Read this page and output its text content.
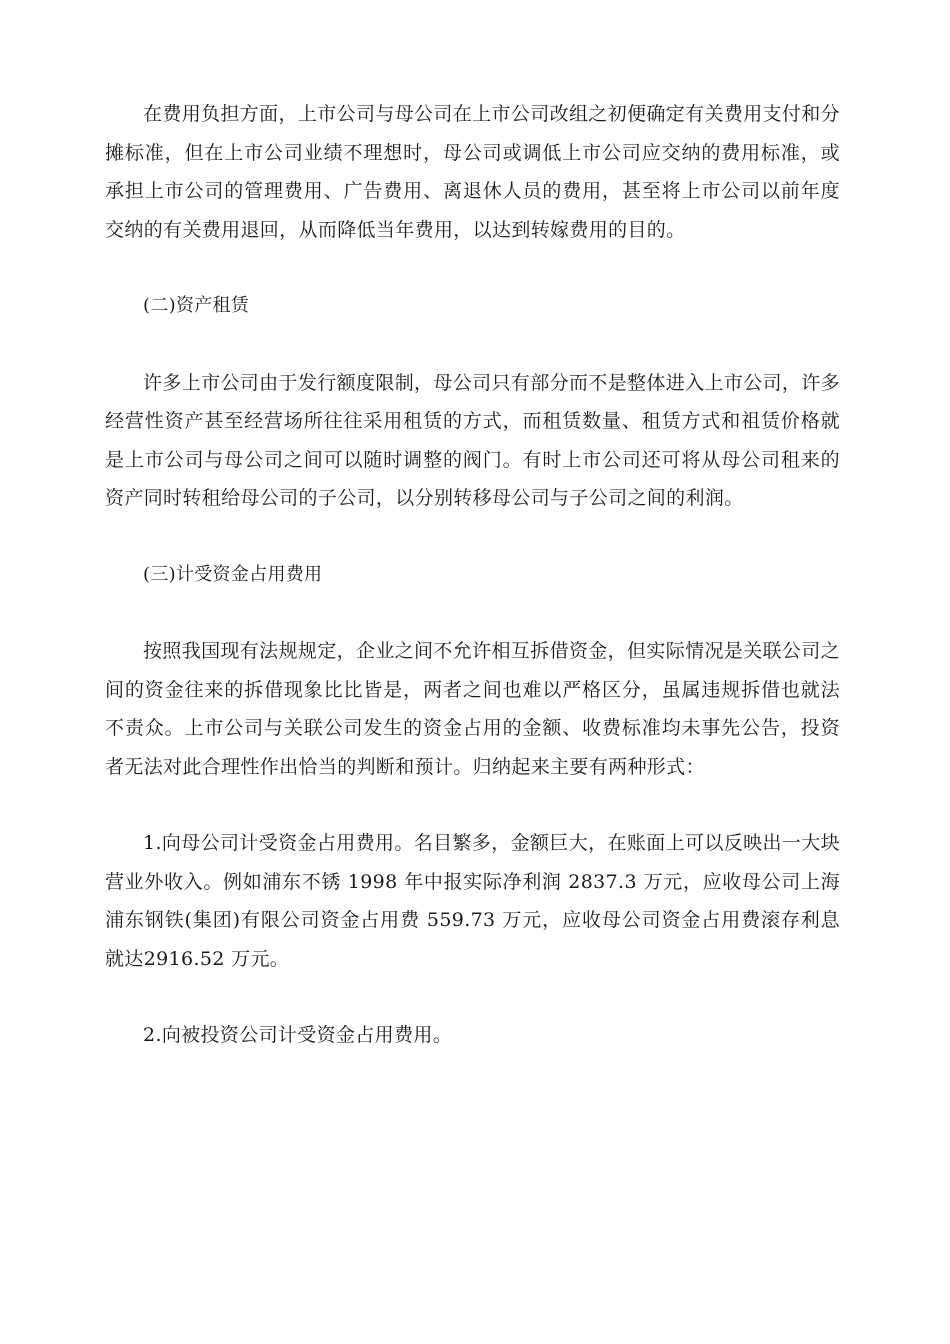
在费用负担方面，上市公司与母公司在上市公司改组之初便确定有关费用支付和分摊标准，但在上市公司业绩不理想时，母公司或调低上市公司应交纳的费用标准，或承担上市公司的管理费用、广告费用、离退休人员的费用，甚至将上市公司以前年度交纳的有关费用退回，从而降低当年费用，以达到转嫁费用的目的。

(二)资产租赁

许多上市公司由于发行额度限制，母公司只有部分而不是整体进入上市公司，许多经营性资产甚至经营场所往往采用租赁的方式，而租赁数量、租赁方式和祖赁价格就是上市公司与母公司之间可以随时调整的阀门。有时上市公司还可将从母公司租来的资产同时转租给母公司的子公司，以分别转移母公司与子公司之间的利润。

(三)计受资金占用费用

按照我国现有法规规定，企业之间不允许相互拆借资金，但实际情况是关联公司之间的资金往来的拆借现象比比皆是，两者之间也难以严格区分，虽属违规拆借也就法不责众。上市公司与关联公司发生的资金占用的金额、收费标准均未事先公告，投资者无法对此合理性作出恰当的判断和预计。归纳起来主要有两种形式：

1.向母公司计受资金占用费用。名目繁多，金额巨大，在账面上可以反映出一大块营业外收入。例如浦东不锈 1998 年中报实际净利润 2837.3 万元，应收母公司上海浦东钢铁(集团)有限公司资金占用费 559.73 万元，应收母公司资金占用费滚存利息就达2916.52 万元。

2.向被投资公司计受资金占用费用。
